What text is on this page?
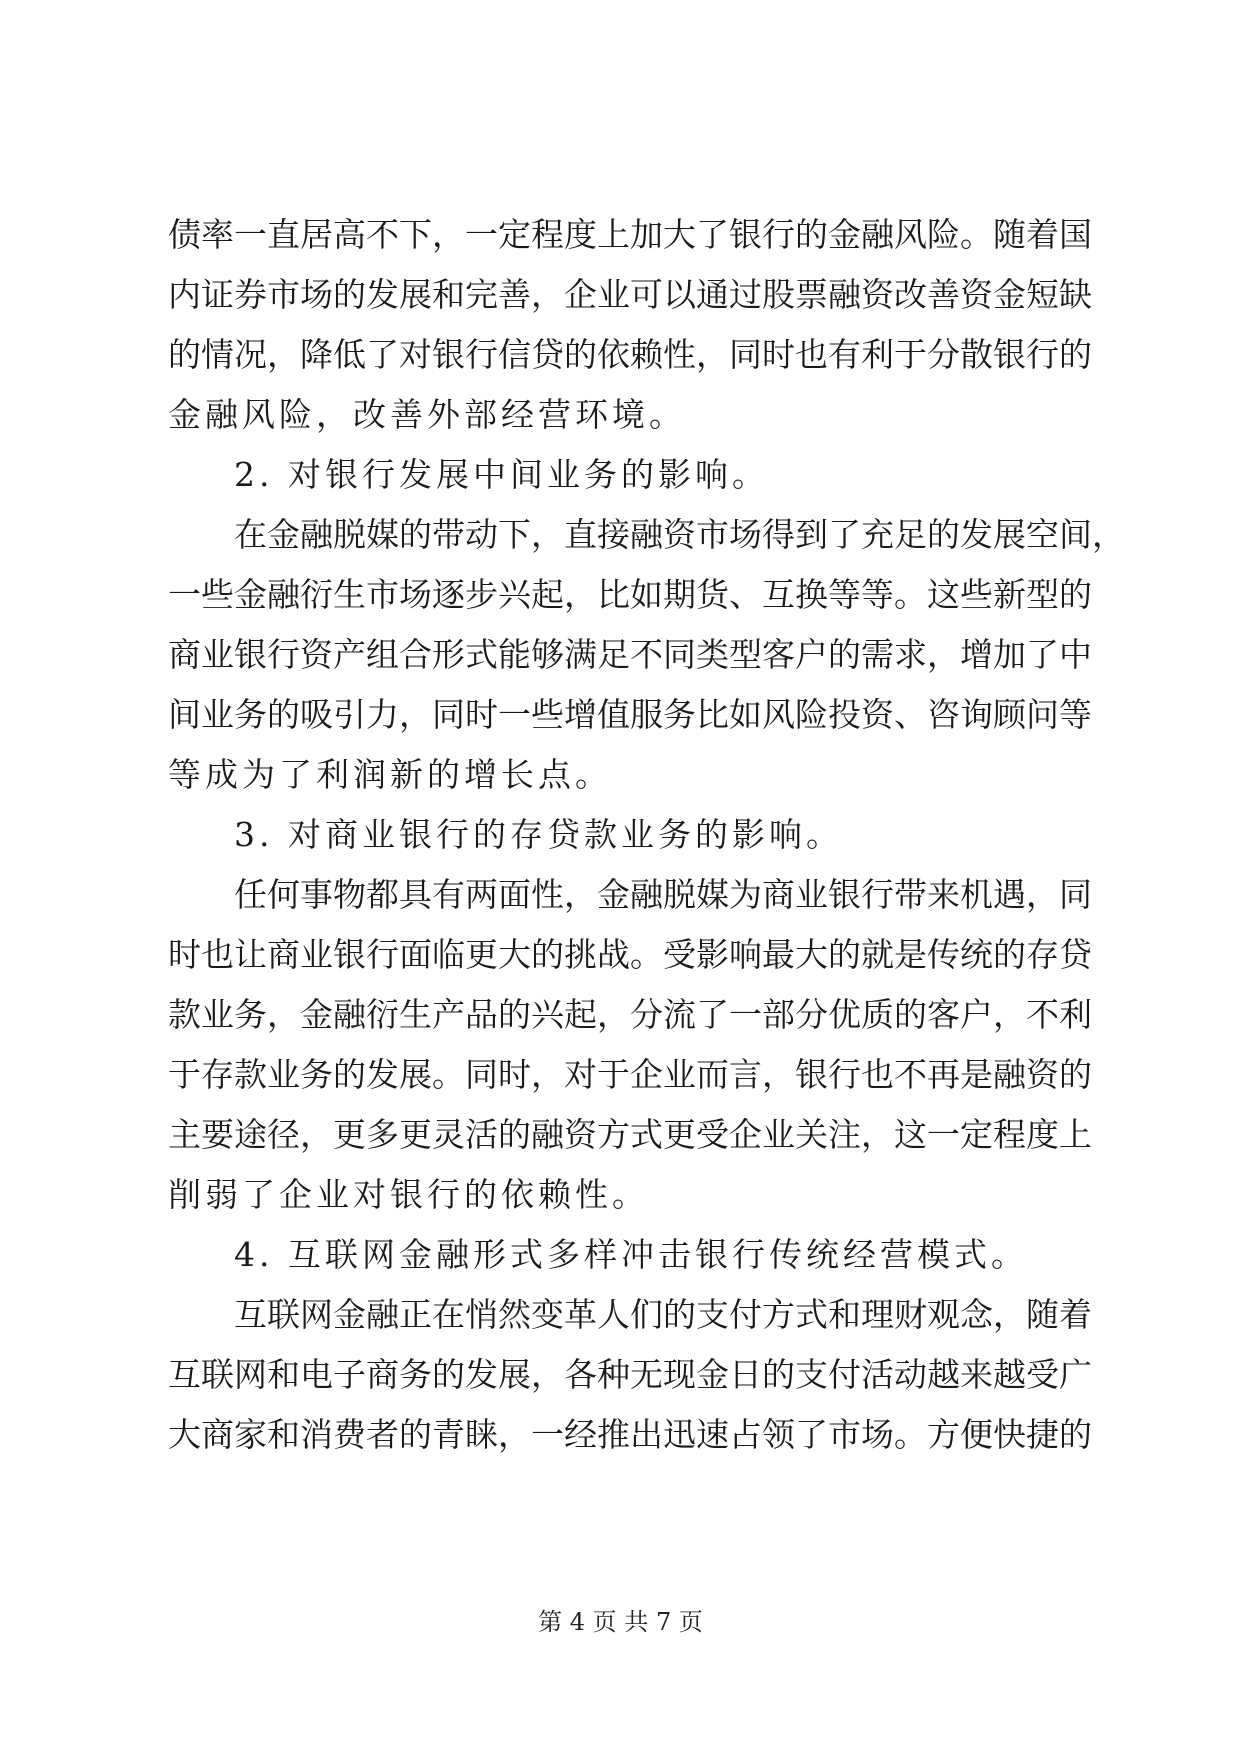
债 率 一 直 居 高 不 下 ， 一 定 程 度 上 加 大 了 银 行 的 金 融 风 险 。 随 着 国
内 证 券 市 场 的 发 展 和 完 善 ， 企 业 可 以 通 过 股 票 融 资 改 善 资 金 短 缺
的 情 况 ， 降 低 了 对 银 行 信 贷 的 依 赖 性 ， 同 时 也 有 利 于 分 散 银 行 的
金融风险，改善外部经营环境。
2. 对银行发展中间业务的影响。
在 金 融 脱 媒 的 带 动 下 ， 直 接 融 资 市 场 得 到 了 充 足 的 发 展 空 间 ，
一 些 金 融 衍 生 市 场 逐 步 兴 起 ， 比 如 期 货 、 互 换 等 等 。 这 些 新 型 的
商 业 银 行 资 产 组 合 形 式 能 够 满 足 不 同 类 型 客 户 的 需 求 ， 增 加 了 中
间 业 务 的 吸 引 力 ， 同 时 一 些 增 值 服 务 比 如 风 险 投 资 、 咨 询 顾 问 等
等成为了利润新的增长点。
3. 对商业银行的存贷款业务的影响。
任 何 事 物 都 具 有 两 面 性 ， 金 融 脱 媒 为 商 业 银 行 带 来 机 遇 ， 同
时 也 让 商 业 银 行 面 临 更 大 的 挑 战 。 受 影 响 最 大 的 就 是 传 统 的 存 贷
款 业 务 ， 金 融 衍 生 产 品 的 兴 起 ， 分 流 了 一 部 分 优 质 的 客 户 ， 不 利
于 存 款 业 务 的 发 展 。 同 时 ， 对 于 企 业 而 言 ， 银 行 也 不 再 是 融 资 的
主 要 途 径 ， 更 多 更 灵 活 的 融 资 方 式 更 受 企 业 关 注 ， 这 一 定 程 度 上
削弱了企业对银行的依赖性。
4. 互联网金融形式多样冲击银行传统经营模式。
互 联 网 金 融 正 在 悄 然 变 革 人 们 的 支 付 方 式 和 理 财 观 念 ， 随 着
互 联 网 和 电 子 商 务 的 发 展 ， 各 种 无 现 金 日 的 支 付 活 动 越 来 越 受 广
大 商 家 和 消 费 者 的 青 睐 ， 一 经 推 出 迅 速 占 领 了 市 场 。 方 便 快 捷 的
第 4 页 共 7 页
